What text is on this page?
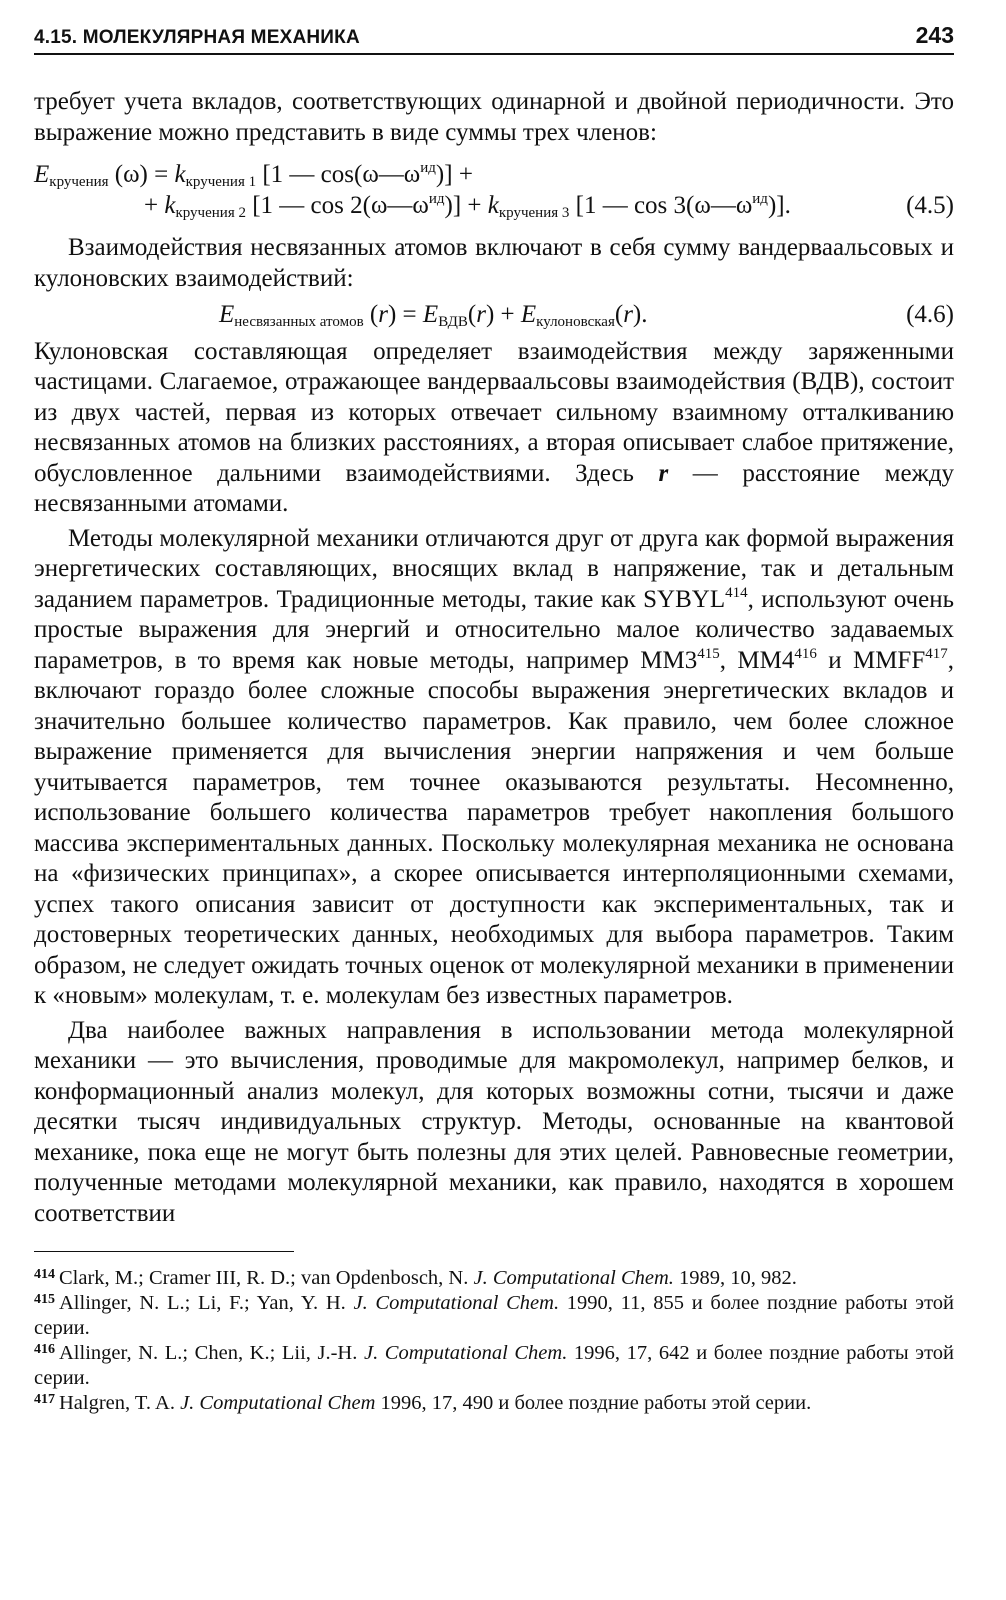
4.15. МОЛЕКУЛЯРНАЯ МЕХАНИКА	243

требует учета вкладов, соответствующих одинарной и двойной периодичности. Это выражение можно представить в виде суммы трех членов:

$E_{кручения}$ $(\omega) = k_{кручения 1}$ [1 — $\cos(\omega—\omega^{ид})$] +
+ $k_{кручения 2}$ [1 — $\cos 2(\omega—\omega^{ид})] + k_{кручения 3}$ [1 — $\cos 3(\omega—\omega^{ид})$].	(4.5)

Взаимодействия несвязанных атомов включают в себя сумму вандерваальсовых и кулоновских взаимодействий:

$E_{несвязанных атомов}$ $(r) = E_{ВДВ}(r) + E_{кулоновская}(r)$.	(4.6)

Кулоновская составляющая определяет взаимодействия между заряженными частицами. Слагаемое, отражающее вандерваальсовы взаимодействия (ВДВ), состоит из двух частей, первая из которых отвечает сильному взаимному отталкиванию несвязанных атомов на близких расстояниях, а вторая описывает слабое притяжение, обусловленное дальними взаимодействиями. Здесь r — расстояние между несвязанными атомами.

Методы молекулярной механики отличаются друг от друга как формой выражения энергетических составляющих, вносящих вклад в напряжение, так и детальным заданием параметров. Традиционные методы, такие как SYBYL$^{414}$, используют очень простые выражения для энергий и относительно малое количество задаваемых параметров, в то время как новые методы, например $MM3^{415}$, $MM4^{416}$ и MMFF$^{417}$, включают гораздо более сложные способы выражения энергетических вкладов и значительно большее количество параметров. Как правило, чем более сложное выражение применяется для вычисления энергии напряжения и чем больше учитывается параметров, тем точнее оказываются результаты. Несомненно, использование большего количества параметров требует накопления большого массива экспериментальных данных. Поскольку молекулярная механика не основана на «физических принципах», а скорее описывается интерполяционными схемами, успех такого описания зависит от доступности как экспериментальных, так и достоверных теоретических данных, необходимых для выбора параметров. Таким образом, не следует ожидать точных оценок от молекулярной механики в применении к «новым» молекулам, т. е. молекулам без известных параметров.

Два наиболее важных направления в использовании метода молекулярной механики — это вычисления, проводимые для макромолекул, например белков, и конформационный анализ молекул, для которых возможны сотни, тысячи и даже десятки тысяч индивидуальных структур. Методы, основанные на квантовой механике, пока еще не могут быть полезны для этих целей. Равновесные геометрии, полученные методами молекулярной механики, как правило, находятся в хорошем соответствии

$^{414}$ Clark, M.; Cramer III, R. D.; van Opdenbosch, N. J. Computational Chem. 1989, 10, 982.
$^{415}$ Allinger, N. L.; Li, F.; Yan, Y. H. J. Computational Chem. 1990, 11, 855 и более поздние работы этой серии.
$^{416}$ Allinger, N. L.; Chen, K.; Lii, J.-H. J. Computational Chem. 1996, 17, 642 и более поздние работы этой серии.
$^{417}$ Halgren, T. A. J. Computational Chem 1996, 17, 490 и более поздние работы этой серии.
